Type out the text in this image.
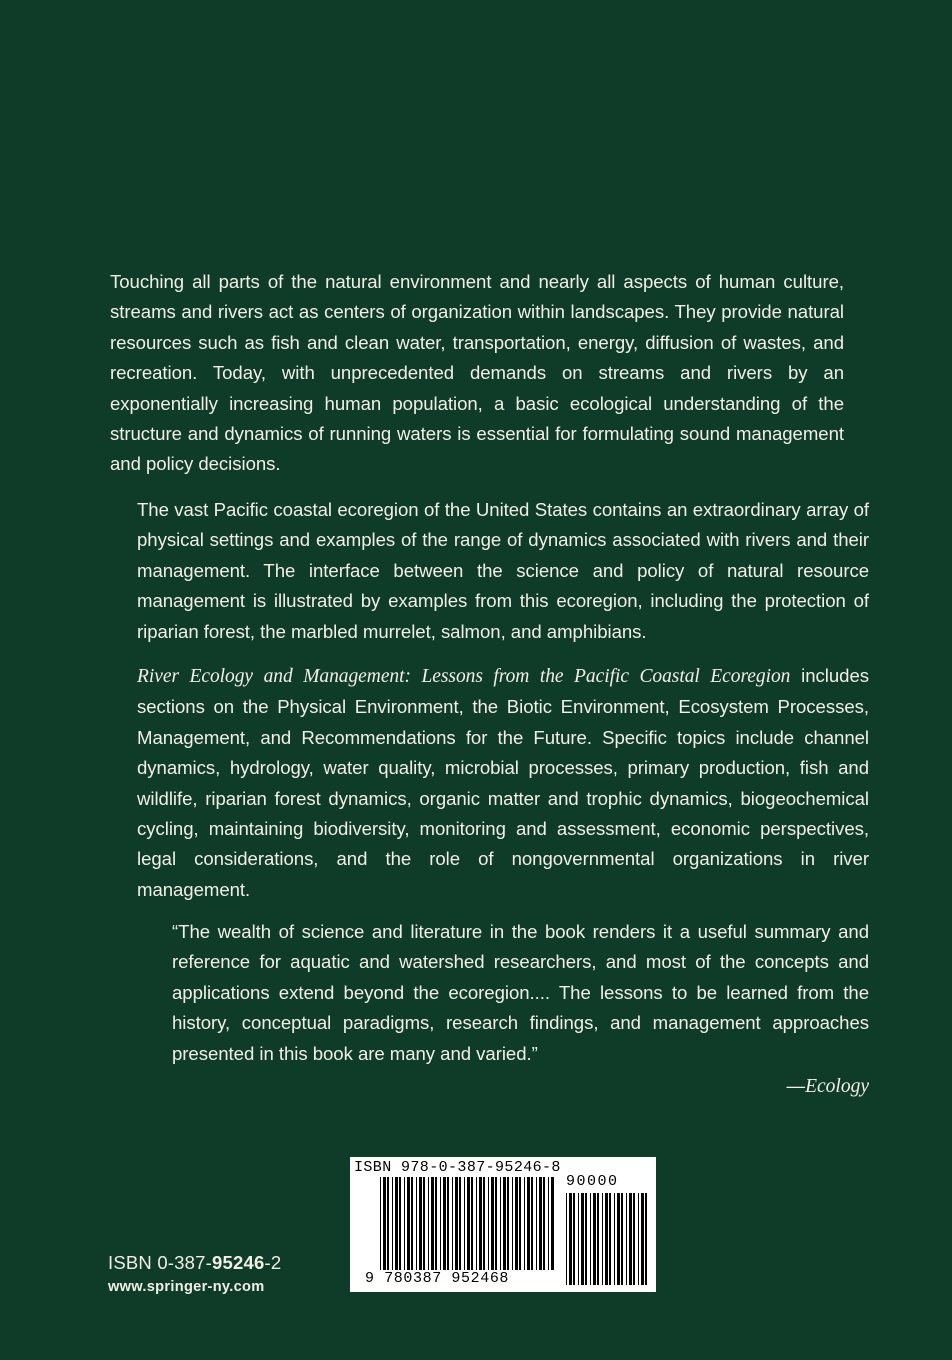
Touching all parts of the natural environment and nearly all aspects of human culture, streams and rivers act as centers of organization within landscapes. They provide natural resources such as fish and clean water, transportation, energy, diffusion of wastes, and recreation. Today, with unprecedented demands on streams and rivers by an exponentially increasing human population, a basic ecological understanding of the structure and dynamics of running waters is essential for formulating sound management and policy decisions.

The vast Pacific coastal ecoregion of the United States contains an extraordinary array of physical settings and examples of the range of dynamics associated with rivers and their management. The interface between the science and policy of natural resource management is illustrated by examples from this ecoregion, including the protection of riparian forest, the marbled murrelet, salmon, and amphibians.

River Ecology and Management: Lessons from the Pacific Coastal Ecoregion includes sections on the Physical Environment, the Biotic Environment, Ecosystem Processes, Management, and Recommendations for the Future. Specific topics include channel dynamics, hydrology, water quality, microbial processes, primary production, fish and wildlife, riparian forest dynamics, organic matter and trophic dynamics, biogeochemical cycling, maintaining biodiversity, monitoring and assessment, economic perspectives, legal considerations, and the role of nongovernmental organizations in river management.

“The wealth of science and literature in the book renders it a useful summary and reference for aquatic and watershed researchers, and most of the concepts and applications extend beyond the ecoregion.... The lessons to be learned from the history, conceptual paradigms, research findings, and management approaches presented in this book are many and varied.”

—Ecology
ISBN 0-387-95246-2
www.springer-ny.com
ISBN 978-0-387-95246-8
90000
9 780387 952468
